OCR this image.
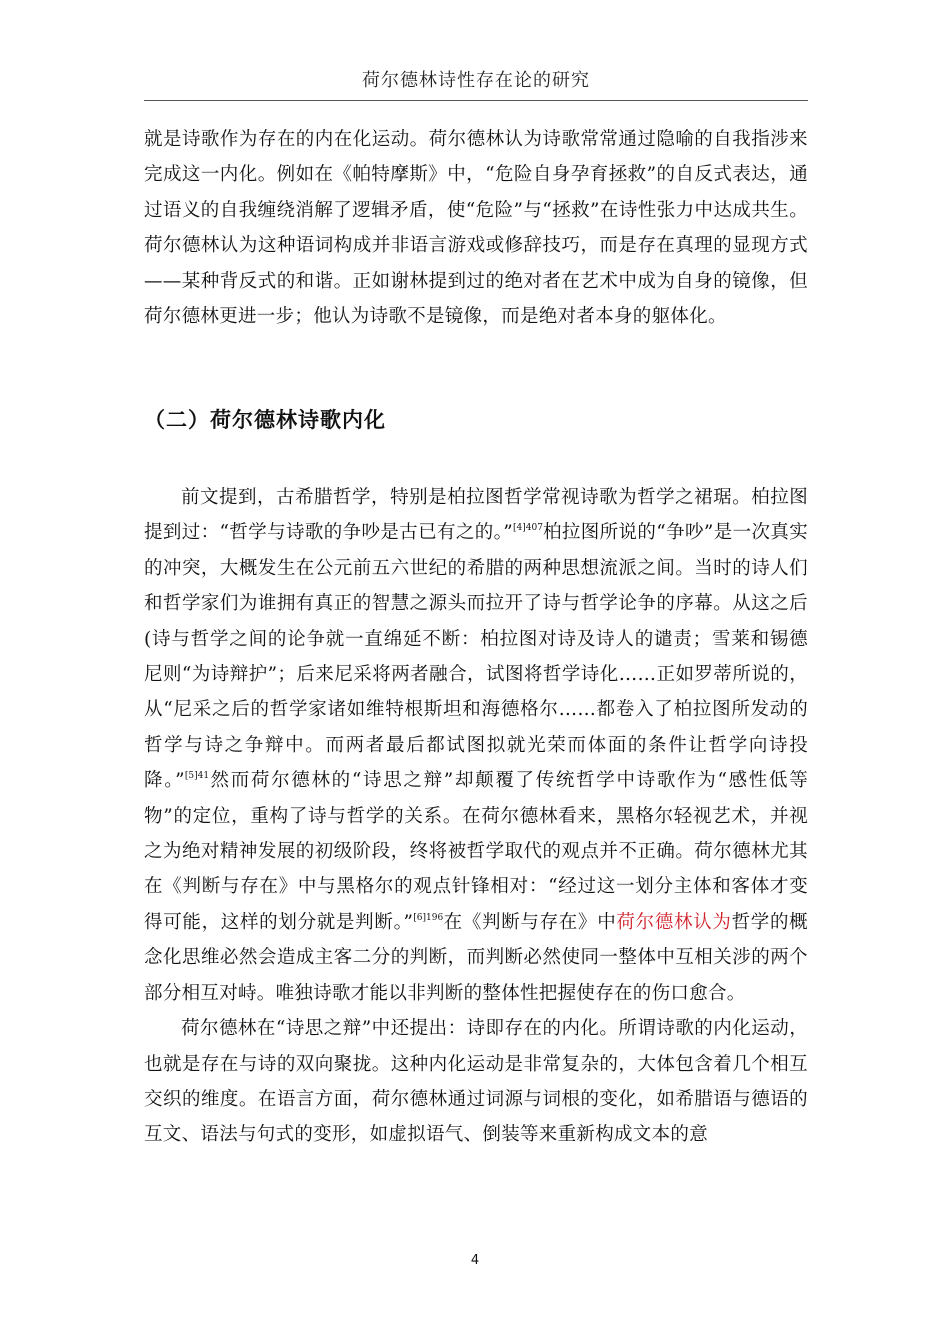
荷尔德林诗性存在论的研究

就是诗歌作为存在的内在化运动。荷尔德林认为诗歌常常通过隐喻的自我指涉来完成这一内化。例如在《帕特摩斯》中，“危险自身孕育拯救”的自反式表达，通过语义的自我缠绕消解了逻辑矛盾，使“危险”与“拯救”在诗性张力中达成共生。荷尔德林认为这种语词构成并非语言游戏或修辞技巧，而是存在真理的显现方式——某种背反式的和谐。正如谢林提到过的绝对者在艺术中成为自身的镜像，但荷尔德林更进一步；他认为诗歌不是镜像，而是绝对者本身的躯体化。

（二）荷尔德林诗歌内化

前文提到，古希腊哲学，特别是柏拉图哲学常视诗歌为哲学之裙琚。柏拉图提到过：“哲学与诗歌的争吵是古已有之的。”$^{[4]407}$柏拉图所说的“争吵”是一次真实的冲突，大概发生在公元前五六世纪的希腊的两种思想流派之间。当时的诗人们和哲学家们为谁拥有真正的智慧之源头而拉开了诗与哲学论争的序幕。从这之后(诗与哲学之间的论争就一直绵延不断：柏拉图对诗及诗人的谴责；雪莱和锡德尼则“为诗辩护”；后来尼采将两者融合，试图将哲学诗化……正如罗蒂所说的，从“尼采之后的哲学家诸如维特根斯坦和海德格尔……都卷入了柏拉图所发动的哲学与诗之争辩中。而两者最后都试图拟就光荣而体面的条件让哲学向诗投降。”$^{[5]41}$然而荷尔德林的“诗思之辩”却颠覆了传统哲学中诗歌作为“感性低等物”的定位，重构了诗与哲学的关系。在荷尔德林看来，黑格尔轻视艺术，并视之为绝对精神发展的初级阶段，终将被哲学取代的观点并不正确。荷尔德林尤其在《判断与存在》中与黑格尔的观点针锋相对：“经过这一划分主体和客体才变得可能，这样的划分就是判断。”$^{[6]196}$在《判断与存在》中荷尔德林认为哲学的概念化思维必然会造成主客二分的判断，而判断必然使同一整体中互相关涉的两个部分相互对峙。唯独诗歌才能以非判断的整体性把握使存在的伤口愈合。

荷尔德林在“诗思之辩”中还提出：诗即存在的内化。所谓诗歌的内化运动，也就是存在与诗的双向聚拢。这种内化运动是非常复杂的，大体包含着几个相互交织的维度。在语言方面，荷尔德林通过词源与词根的变化，如希腊语与德语的互文、语法与句式的变形，如虚拟语气、倒装等来重新构成文本的意

4
